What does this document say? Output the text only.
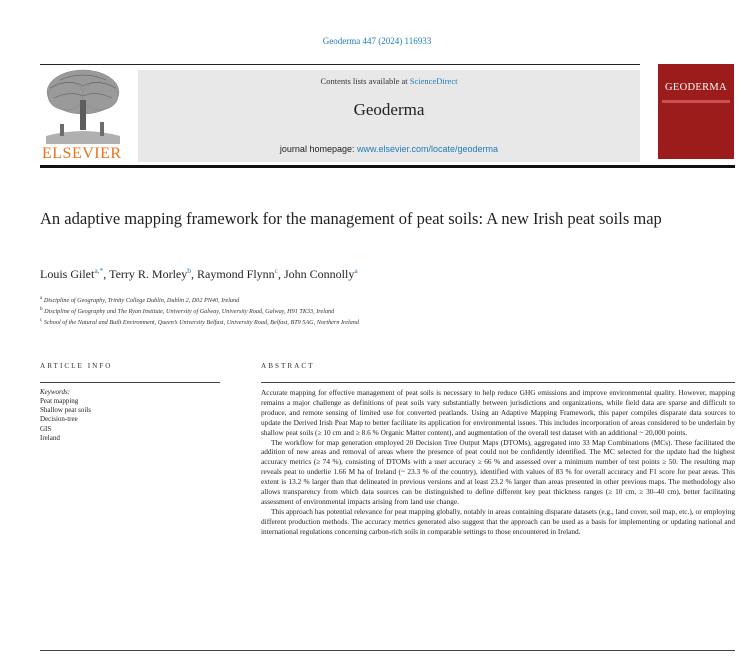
Geoderma 447 (2024) 116933
ELSEVIER
Contents lists available at ScienceDirect
Geoderma
journal homepage: www.elsevier.com/locate/geoderma
GEODERMA
An adaptive mapping framework for the management of peat soils: A new Irish peat soils map
Louis Gilet$^{a,*}$, Terry R. Morley$^b$, Raymond Flynn$^c$, John Connolly$^a$
$^a$ Discipline of Geography, Trinity College Dublin, Dublin 2, D02 PN40, Ireland
$^b$ Discipline of Geography and The Ryan Institute, University of Galway, University Road, Galway, H91 TK33, Ireland
$^c$ School of the Natural and Built Environment, Queen’s University Belfast, University Road, Belfast, BT9 5AG, Northern Ireland
ARTICLE INFO
Keywords:
Peat mapping
Shallow peat soils
Decision-tree
GIS
Ireland
ABSTRACT

Accurate mapping for effective management of peat soils is necessary to help reduce GHG emissions and improve environmental quality. However, mapping remains a major challenge as definitions of peat soils vary substantially between jurisdictions and organizations, while field data are sparse and difficult to produce, and remote sensing of limited use for converted peatlands. Using an Adaptive Mapping Framework, this paper compiles disparate data sources to update the Derived Irish Peat Map to better facilitate its application for environmental issues. This includes incorporation of areas considered to be underlain by shallow peat soils (≥ 10 cm and ≥ 8.6 % Organic Matter content), and augmentation of the overall test dataset with an additional ~ 20,000 points.

The workflow for map generation employed 20 Decision Tree Output Maps (DTOMs), aggregated into 33 Map Combinations (MCs). These facilitated the addition of new areas and removal of areas where the presence of peat could not be confidently identified. The MC selected for the update had the highest accuracy metrics (≥ 74 %), consisting of DTOMs with a user accuracy ≥ 66 % and assessed over a minimum number of test points ≥ 50. The resulting map reveals peat to underlie 1.66 M ha of Ireland (~ 23.3 % of the country), identified with values of 83 % for overall accuracy and F1 score for peat areas. This extent is 13.2 % larger than that delineated in previous versions and at least 23.2 % larger than areas presented in other previous maps. The methodology also allows transparency from which data sources can be distinguished to define different key peat thickness ranges (≥ 10 cm, ≥ 30–40 cm), better facilitating assessment of environmental impacts arising from land use change.

This approach has potential relevance for peat mapping globally, notably in areas containing disparate datasets (e.g., land cover, soil map, etc.), or employing different production methods. The accuracy metrics generated also suggest that the approach can be used as a basis for implementing or updating national and international regulations concerning carbon-rich soils in comparable settings to those encountered in Ireland.
